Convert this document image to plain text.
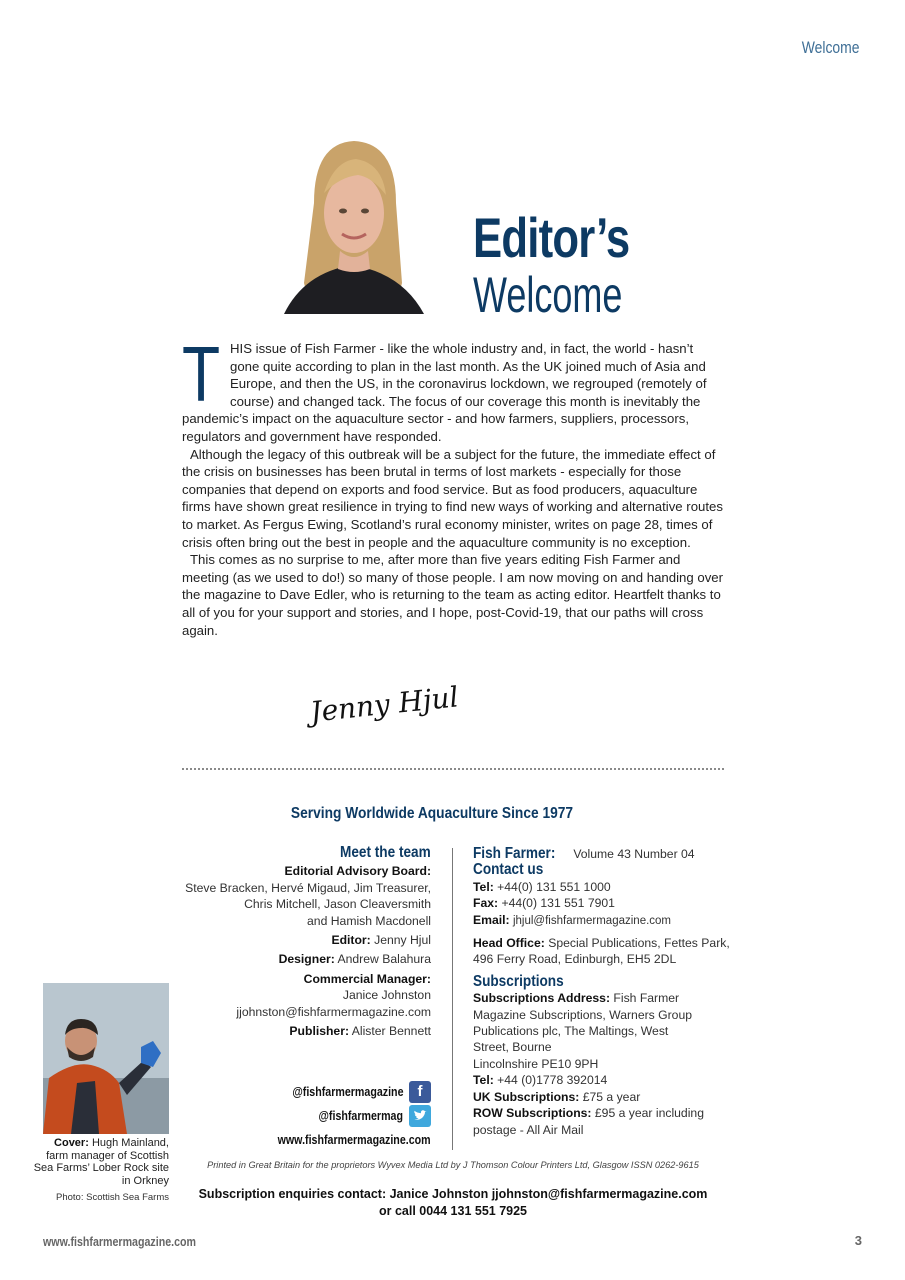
Welcome
Editor’s
Welcome

THIS issue of Fish Farmer - like the whole industry and, in fact, the world - hasn’t gone quite according to plan in the last month. As the UK joined much of Asia and Europe, and then the US, in the coronavirus lockdown, we regrouped (remotely of course) and changed tack. The focus of our coverage this month is inevitably the pandemic’s impact on the aquaculture sector - and how farmers, suppliers, processors, regulators and government have responded.

Although the legacy of this outbreak will be a subject for the future, the immediate effect of the crisis on businesses has been brutal in terms of lost markets - especially for those companies that depend on exports and food service. But as food producers, aquaculture firms have shown great resilience in trying to find new ways of working and alternative routes to market. As Fergus Ewing, Scotland’s rural economy minister, writes on page 28, times of crisis often bring out the best in people and the aquaculture community is no exception.

This comes as no surprise to me, after more than five years editing Fish Farmer and meeting (as we used to do!) so many of those people. I am now moving on and handing over the magazine to Dave Edler, who is returning to the team as acting editor. Heartfelt thanks to all of you for your support and stories, and I hope, post-Covid-19, that our paths will cross again.

Jenny Hjul
Serving Worldwide Aquaculture Since 1977
Meet the team
Editorial Advisory Board:
Steve Bracken, Hervé Migaud, Jim Treasurer,
Chris Mitchell, Jason Cleaversmith
and Hamish Macdonell
Editor: Jenny Hjul
Designer: Andrew Balahura
Commercial Manager:
Janice Johnston
jjohnston@fishfarmermagazine.com
Publisher: Alister Bennett
@fishfarmermagazine f
@fishfarmermag
www.fishfarmermagazine.com
Fish Farmer: Volume 43 Number 04
Contact us
Tel: +44(0) 131 551 1000
Fax: +44(0) 131 551 7901
Email: jhjul@fishfarmermagazine.com
Head Office: Special Publications, Fettes Park,
496 Ferry Road, Edinburgh, EH5 2DL
Subscriptions
Subscriptions Address: Fish Farmer
Magazine Subscriptions, Warners Group
Publications plc, The Maltings, West
Street, Bourne
Lincolnshire PE10 9PH
Tel: +44 (0)1778 392014
UK Subscriptions: £75 a year
ROW Subscriptions: £95 a year including
postage - All Air Mail
Cover: Hugh Mainland, farm manager of Scottish Sea Farms’ Lober Rock site in Orkney
Photo: Scottish Sea Farms
Printed in Great Britain for the proprietors Wyvex Media Ltd by J Thomson Colour Printers Ltd, Glasgow ISSN 0262-9615
Subscription enquiries contact: Janice Johnston jjohnston@fishfarmermagazine.com
or call 0044 131 551 7925
www.fishfarmermagazine.com	3
